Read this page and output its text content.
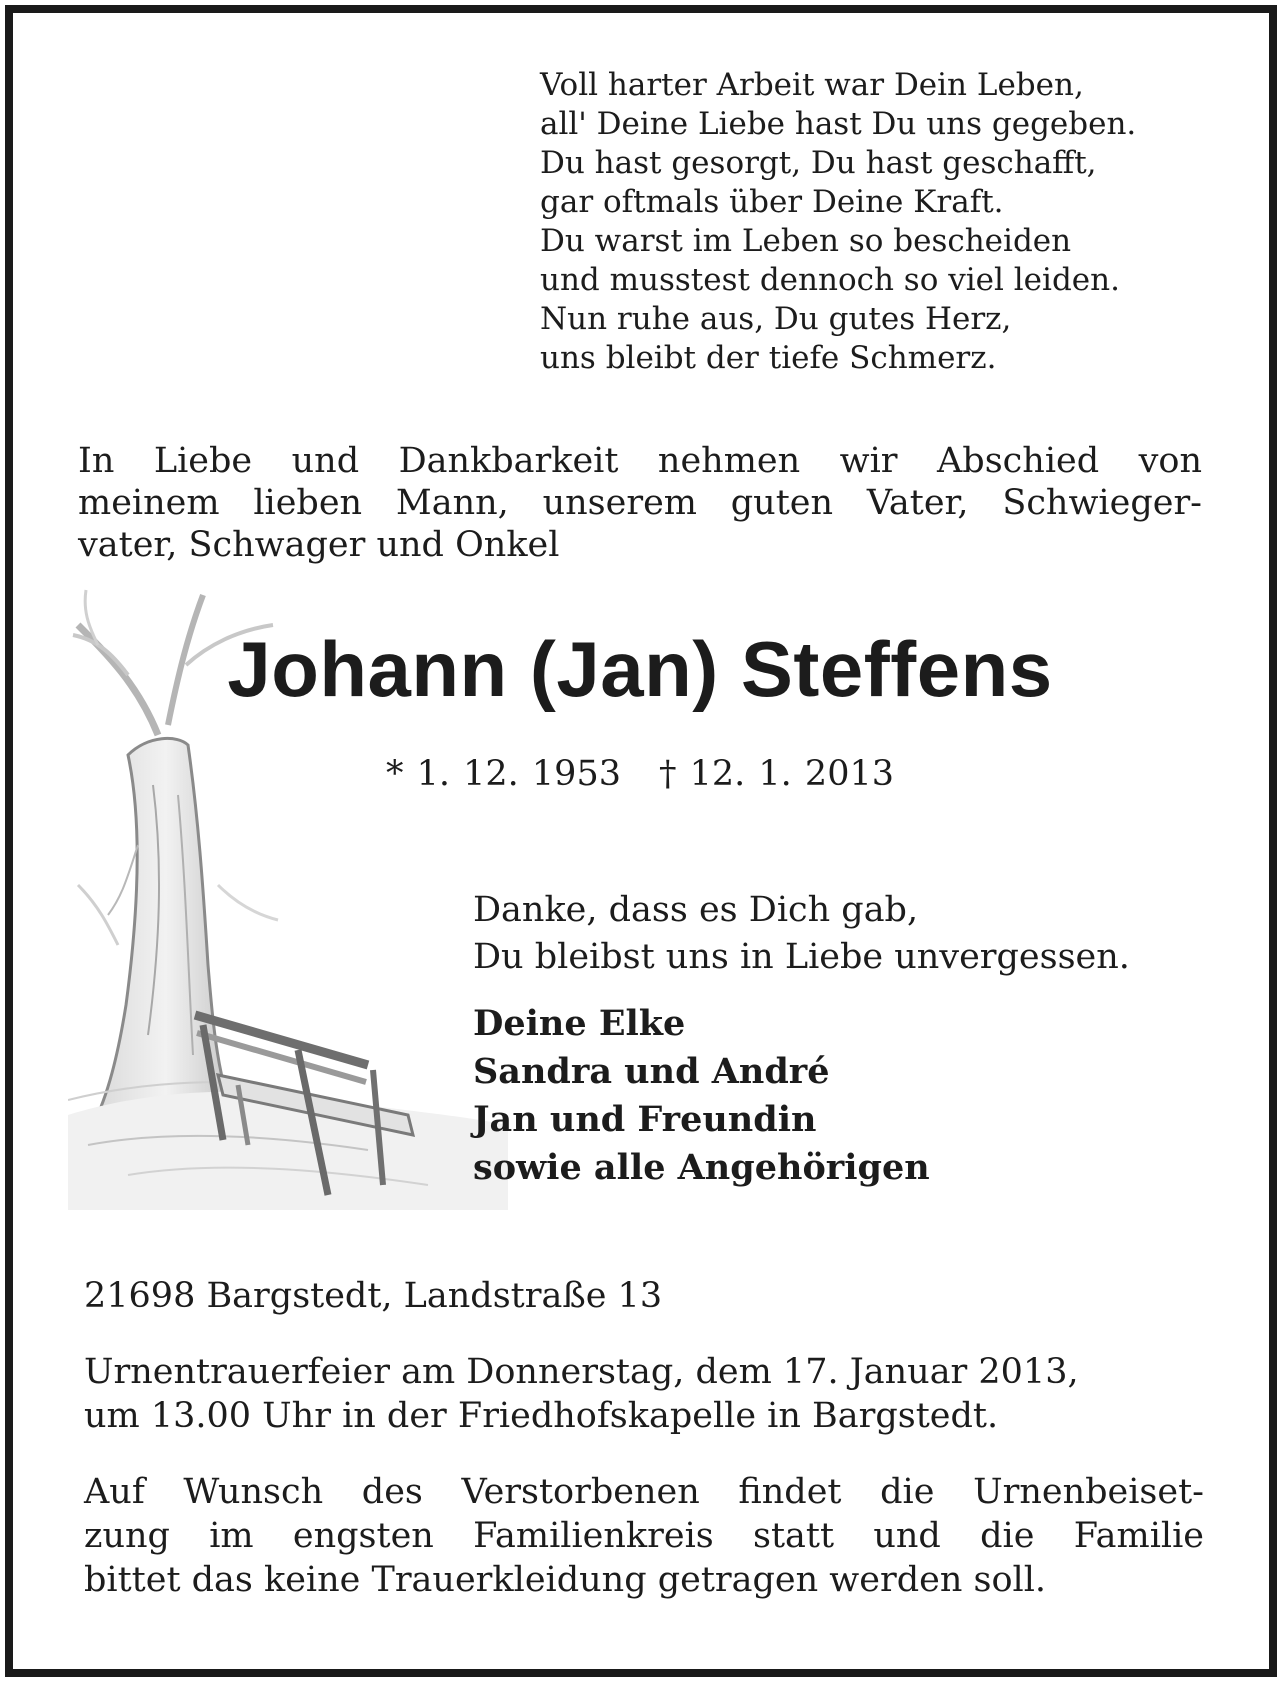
Voll harter Arbeit war Dein Leben,
all' Deine Liebe hast Du uns gegeben.
Du hast gesorgt, Du hast geschafft,
gar oftmals über Deine Kraft.
Du warst im Leben so bescheiden
und musstest dennoch so viel leiden.
Nun ruhe aus, Du gutes Herz,
uns bleibt der tiefe Schmerz.
In Liebe und Dankbarkeit nehmen wir Abschied von
meinem lieben Mann, unserem guten Vater, Schwieger-
vater, Schwager und Onkel
Johann (Jan) Steffens
* 1. 12. 1953 † 12. 1. 2013
Danke, dass es Dich gab,
Du bleibst uns in Liebe unvergessen.
Deine Elke
Sandra und André
Jan und Freundin
sowie alle Angehörigen
21698 Bargstedt, Landstraße 13
Urnentrauerfeier am Donnerstag, dem 17. Januar 2013,
um 13.00 Uhr in der Friedhofskapelle in Bargstedt.
Auf Wunsch des Verstorbenen findet die Urnenbeiset-
zung im engsten Familienkreis statt und die Familie
bittet das keine Trauerkleidung getragen werden soll.
